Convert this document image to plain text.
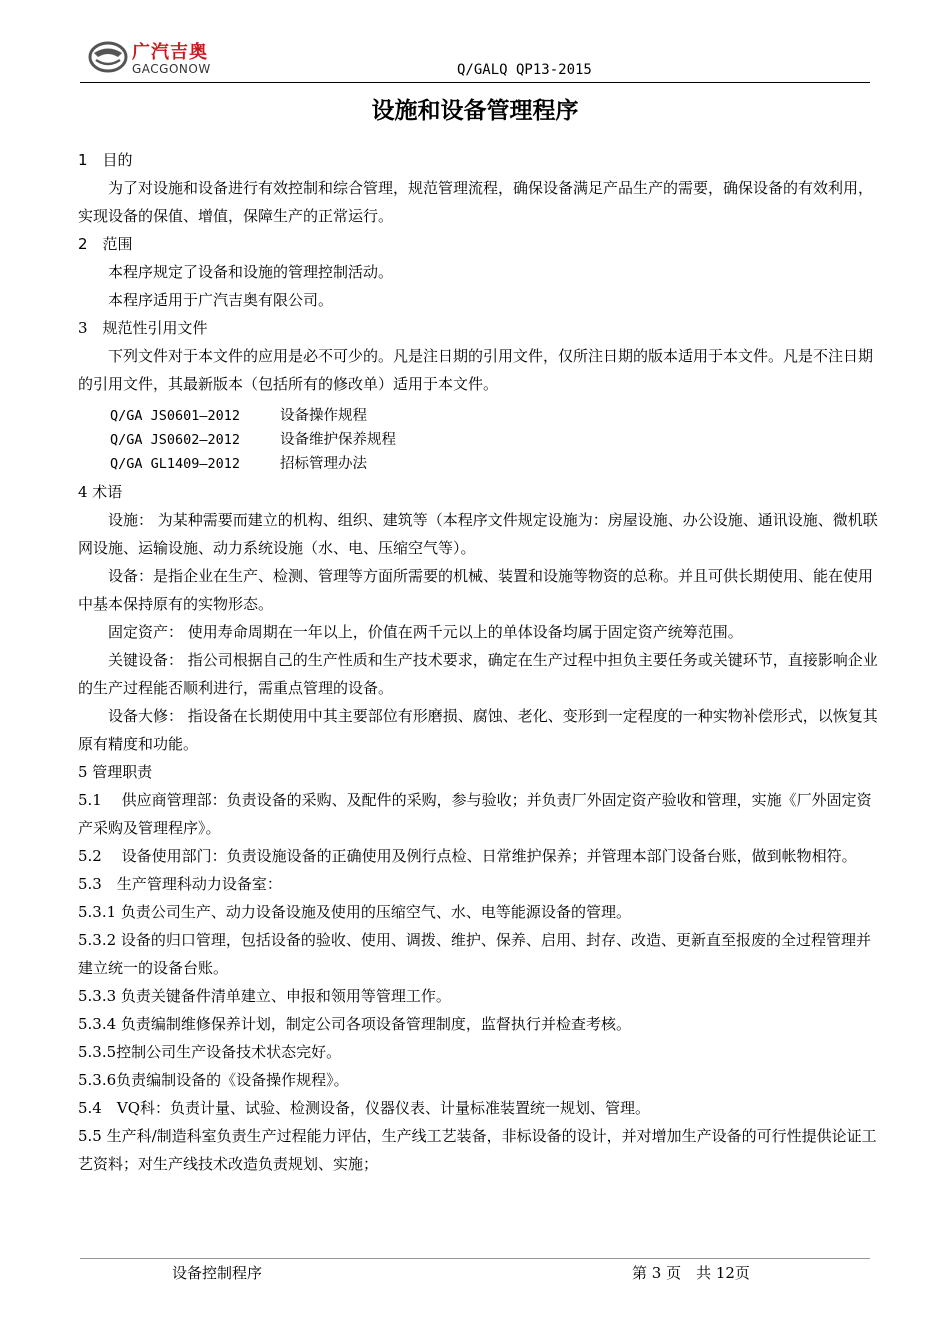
广汽吉奥
GACGONOW	Q/GALQ QP13-2015
设施和设备管理程序

1　目的

为了对设施和设备进行有效控制和综合管理，规范管理流程，确保设备满足产品生产的需要，确保设备的有效利用，实现设备的保值、增值，保障生产的正常运行。

2　范围

本程序规定了设备和设施的管理控制活动。

本程序适用于广汽吉奥有限公司。

3　规范性引用文件

下列文件对于本文件的应用是必不可少的。凡是注日期的引用文件，仅所注日期的版本适用于本文件。凡是不注日期的引用文件，其最新版本（包括所有的修改单）适用于本文件。

Q/GA JS0601—2012	设备操作规程

Q/GA JS0602—2012	设备维护保养规程

Q/GA GL1409—2012	招标管理办法

4 术语

设施： 为某种需要而建立的机构、组织、建筑等（本程序文件规定设施为：房屋设施、办公设施、通讯设施、微机联网设施、运输设施、动力系统设施（水、电、压缩空气等）。

设备：是指企业在生产、检测、管理等方面所需要的机械、装置和设施等物资的总称。并且可供长期使用、能在使用中基本保持原有的实物形态。

固定资产： 使用寿命周期在一年以上，价值在两千元以上的单体设备均属于固定资产统筹范围。

关键设备： 指公司根据自己的生产性质和生产技术要求，确定在生产过程中担负主要任务或关键环节，直接影响企业的生产过程能否顺利进行，需重点管理的设备。

设备大修： 指设备在长期使用中其主要部位有形磨损、腐蚀、老化、变形到一定程度的一种实物补偿形式，以恢复其原有精度和功能。

5 管理职责

5.1　 供应商管理部：负责设备的采购、及配件的采购，参与验收；并负责厂外固定资产验收和管理，实施《厂外固定资产采购及管理程序》。

5.2　 设备使用部门：负责设施设备的正确使用及例行点检、日常维护保养；并管理本部门设备台账，做到帐物相符。

5.3　生产管理科动力设备室：

5.3.1 负责公司生产、动力设备设施及使用的压缩空气、水、电等能源设备的管理。

5.3.2 设备的归口管理，包括设备的验收、使用、调拨、维护、保养、启用、封存、改造、更新直至报废的全过程管理并建立统一的设备台账。

5.3.3 负责关键备件清单建立、申报和领用等管理工作。

5.3.4 负责编制维修保养计划，制定公司各项设备管理制度，监督执行并检查考核。

5.3.5控制公司生产设备技术状态完好。

5.3.6负责编制设备的《设备操作规程》。

5.4　VQ科：负责计量、试验、检测设备，仪器仪表、计量标准装置统一规划、管理。

5.5 生产科/制造科室负责生产过程能力评估，生产线工艺装备，非标设备的设计，并对增加生产设备的可行性提供论证工艺资料；对生产线技术改造负责规划、实施；

设备控制程序	第 3 页　共 12页
